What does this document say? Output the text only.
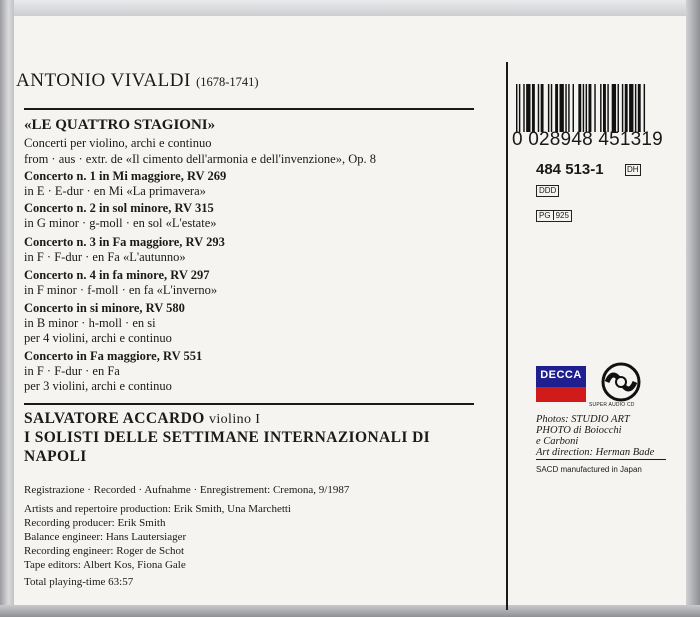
ANTONIO VIVALDI (1678-1741)
«LE QUATTRO STAGIONI»
Concerti per violino, archi e continuo
from · aus · extr. de «Il cimento dell'armonia e dell'invenzione», Op. 8
Concerto n. 1 in Mi maggiore, RV 269
in E · E-dur · en Mi «La primavera»
Concerto n. 2 in sol minore, RV 315
in G minor · g-moll · en sol «L'estate»
Concerto n. 3 in Fa maggiore, RV 293
in F · F-dur · en Fa «L'autunno»
Concerto n. 4 in fa minore, RV 297
in F minor · f-moll · en fa «L'inverno»
Concerto in si minore, RV 580
in B minor · h-moll · en si
per 4 violini, archi e continuo
Concerto in Fa maggiore, RV 551
in F · F-dur · en Fa
per 3 violini, archi e continuo
SALVATORE ACCARDO violino I
I SOLISTI DELLE SETTIMANE INTERNAZIONALI DI
NAPOLI
Registrazione · Recorded · Aufnahme · Enregistrement: Cremona, 9/1987
Artists and repertoire production: Erik Smith, Una Marchetti
Recording producer: Erik Smith
Balance engineer: Hans Lautersiager
Recording engineer: Roger de Schot
Tape editors: Albert Kos, Fiona Gale
Total playing-time 63:57
0 028948 451319
484 513-1	DH
DDD
PG 925
DECCA
SUPER AUDIO CD
Photos: STUDIO ART
PHOTO di Boiocchi
e Carboni
Art direction: Herman Bade
SACD manufactured in Japan
